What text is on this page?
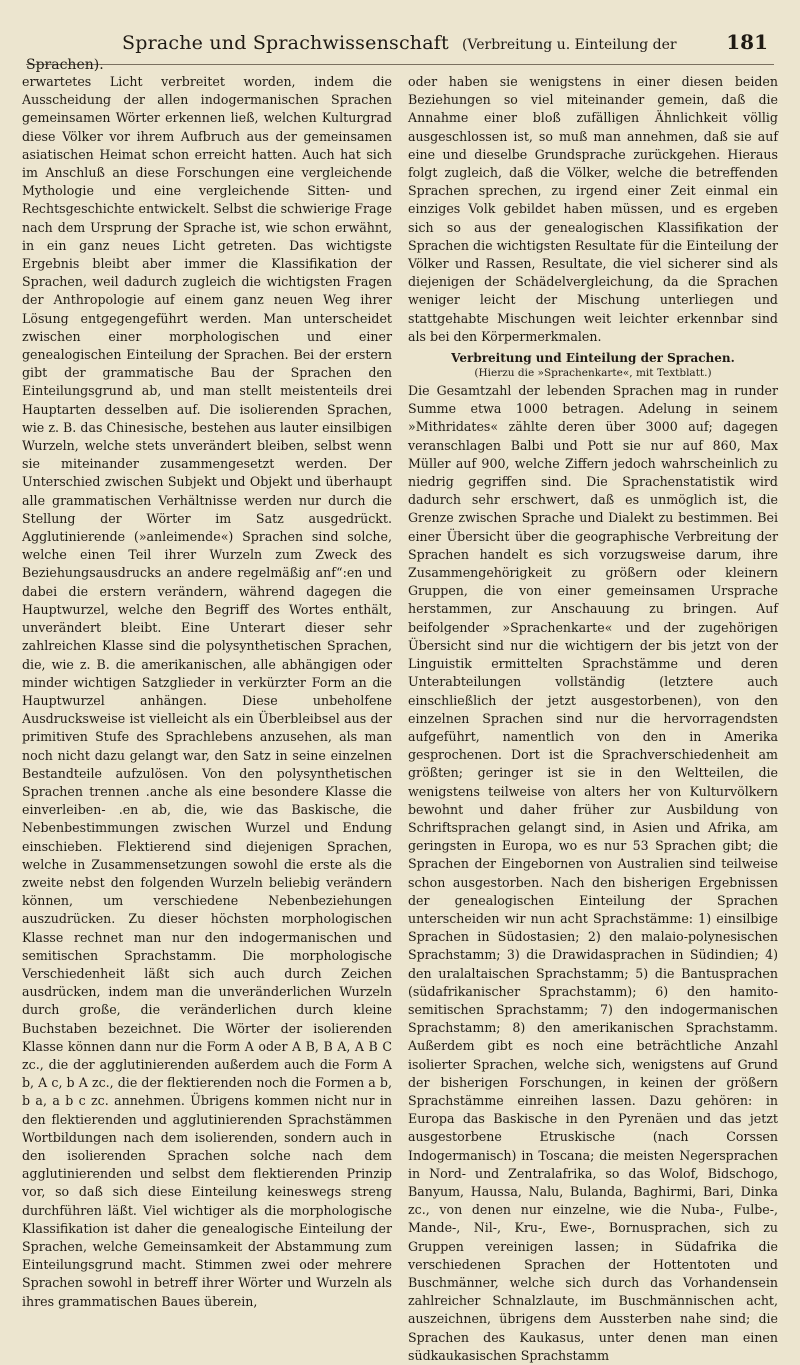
Sprache und Sprachwissenschaft (Verbreitung u. Einteilung der Sprachen).
181

erwartetes Licht verbreitet worden, indem die Ausscheidung der allen indogermanischen Sprachen gemeinsamen Wörter erkennen ließ, welchen Kulturgrad diese Völker vor ihrem Aufbruch aus der gemeinsamen asiatischen Heimat schon erreicht hatten. Auch hat sich im Anschluß an diese Forschungen eine vergleichende Mythologie und eine vergleichende Sitten- und Rechtsgeschichte entwickelt. Selbst die schwierige Frage nach dem Ursprung der Sprache ist, wie schon erwähnt, in ein ganz neues Licht getreten. Das wichtigste Ergebnis bleibt aber immer die Klassifikation der Sprachen, weil dadurch zugleich die wichtigsten Fragen der Anthropologie auf einem ganz neuen Weg ihrer Lösung entgegengeführt werden. Man unterscheidet zwischen einer morphologischen und einer genealogischen Einteilung der Sprachen. Bei der erstern gibt der grammatische Bau der Sprachen den Einteilungsgrund ab, und man stellt meistenteils drei Hauptarten desselben auf. Die isolierenden Sprachen, wie z. B. das Chinesische, bestehen aus lauter einsilbigen Wurzeln, welche stets unverändert bleiben, selbst wenn sie miteinander zusammengesetzt werden. Der Unterschied zwischen Subjekt und Objekt und überhaupt alle grammatischen Verhältnisse werden nur durch die Stellung der Wörter im Satz ausgedrückt. Agglutinierende (»anleimende«) Sprachen sind solche, welche einen Teil ihrer Wurzeln zum Zweck des Beziehungsausdrucks an andere regelmäßig anf“:en und dabei die erstern verändern, während dagegen die Hauptwurzel, welche den Begriff des Wortes enthält, unverändert bleibt. Eine Unterart dieser sehr zahlreichen Klasse sind die polysynthetischen Sprachen, die, wie z. B. die amerikanischen, alle abhängigen oder minder wichtigen Satzglieder in verkürzter Form an die Hauptwurzel anhängen. Diese unbeholfene Ausdrucksweise ist vielleicht als ein Überbleibsel aus der primitiven Stufe des Sprachlebens anzusehen, als man noch nicht dazu gelangt war, den Satz in seine einzelnen Bestandteile aufzulösen. Von den polysynthetischen Sprachen trennen .anche als eine besondere Klasse die einverleiben- .en ab, die, wie das Baskische, die Nebenbestimmungen zwischen Wurzel und Endung einschieben. Flektierend sind diejenigen Sprachen, welche in Zusammensetzungen sowohl die erste als die zweite nebst den folgenden Wurzeln beliebig verändern können, um verschiedene Nebenbeziehungen auszudrücken. Zu dieser höchsten morphologischen Klasse rechnet man nur den indogermanischen und semitischen Sprachstamm. Die morphologische Verschiedenheit läßt sich auch durch Zeichen ausdrücken, indem man die unveränderlichen Wurzeln durch große, die veränderlichen durch kleine Buchstaben bezeichnet. Die Wörter der isolierenden Klasse können dann nur die Form A oder A B, B A, A B C zc., die der agglutinierenden außerdem auch die Form A b, A c, b A zc., die der flektierenden noch die Formen a b, b a, a b c zc. annehmen. Übrigens kommen nicht nur in den flektierenden und agglutinierenden Sprachstämmen Wortbildungen nach dem isolierenden, sondern auch in den isolierenden Sprachen solche nach dem agglutinierenden und selbst dem flektierenden Prinzip vor, so daß sich diese Einteilung keineswegs streng durchführen läßt. Viel wichtiger als die morphologische Klassifikation ist daher die genealogische Einteilung der Sprachen, welche Gemeinsamkeit der Abstammung zum Einteilungsgrund macht. Stimmen zwei oder mehrere Sprachen sowohl in betreff ihrer Wörter und Wurzeln als ihres grammatischen Baues überein,

oder haben sie wenigstens in einer diesen beiden Beziehungen so viel miteinander gemein, daß die Annahme einer bloß zufälligen Ähnlichkeit völlig ausgeschlossen ist, so muß man annehmen, daß sie auf eine und dieselbe Grundsprache zurückgehen. Hieraus folgt zugleich, daß die Völker, welche die betreffenden Sprachen sprechen, zu irgend einer Zeit einmal ein einziges Volk gebildet haben müssen, und es ergeben sich so aus der genealogischen Klassifikation der Sprachen die wichtigsten Resultate für die Einteilung der Völker und Rassen, Resultate, die viel sicherer sind als diejenigen der Schädelvergleichung, da die Sprachen weniger leicht der Mischung unterliegen und stattgehabte Mischungen weit leichter erkennbar sind als bei den Körpermerkmalen.

Verbreitung und Einteilung der Sprachen.
(Hierzu die »Sprachenkarte«, mit Textblatt.)

Die Gesamtzahl der lebenden Sprachen mag in runder Summe etwa 1000 betragen. Adelung in seinem »Mithridates« zählte deren über 3000 auf; dagegen veranschlagen Balbi und Pott sie nur auf 860, Max Müller auf 900, welche Ziffern jedoch wahrscheinlich zu niedrig gegriffen sind. Die Sprachenstatistik wird dadurch sehr erschwert, daß es unmöglich ist, die Grenze zwischen Sprache und Dialekt zu bestimmen. Bei einer Übersicht über die geographische Verbreitung der Sprachen handelt es sich vorzugsweise darum, ihre Zusammengehörigkeit zu größern oder kleinern Gruppen, die von einer gemeinsamen Ursprache herstammen, zur Anschauung zu bringen. Auf beifolgender »Sprachenkarte« und der zugehörigen Übersicht sind nur die wichtigern der bis jetzt von der Linguistik ermittelten Sprachstämme und deren Unterabteilungen vollständig (letztere auch einschließlich der jetzt ausgestorbenen), von den einzelnen Sprachen sind nur die hervorragendsten aufgeführt, namentlich von den in Amerika gesprochenen. Dort ist die Sprachverschiedenheit am größten; geringer ist sie in den Weltteilen, die wenigstens teilweise von alters her von Kulturvölkern bewohnt und daher früher zur Ausbildung von Schriftsprachen gelangt sind, in Asien und Afrika, am geringsten in Europa, wo es nur 53 Sprachen gibt; die Sprachen der Eingebornen von Australien sind teilweise schon ausgestorben. Nach den bisherigen Ergebnissen der genealogischen Einteilung der Sprachen unterscheiden wir nun acht Sprachstämme: 1) einsilbige Sprachen in Südostasien; 2) den malaio-polynesischen Sprachstamm; 3) die Drawidasprachen in Südindien; 4) den uralaltaischen Sprachstamm; 5) die Bantusprachen (südafrikanischer Sprachstamm); 6) den hamito-semitischen Sprachstamm; 7) den indogermanischen Sprachstamm; 8) den amerikanischen Sprachstamm. Außerdem gibt es noch eine beträchtliche Anzahl isolierter Sprachen, welche sich, wenigstens auf Grund der bisherigen Forschungen, in keinen der größern Sprachstämme einreihen lassen. Dazu gehören: in Europa das Baskische in den Pyrenäen und das jetzt ausgestorbene Etruskische (nach Corssen Indogermanisch) in Toscana; die meisten Negersprachen in Nord- und Zentralafrika, so das Wolof, Bidschogo, Banyum, Haussa, Nalu, Bulanda, Baghirmi, Bari, Dinka zc., von denen nur einzelne, wie die Nuba-, Fulbe-, Mande-, Nil-, Kru-, Ewe-, Bornusprachen, sich zu Gruppen vereinigen lassen; in Südafrika die verschiedenen Sprachen der Hottentoten und Buschmänner, welche sich durch das Vorhandensein zahlreicher Schnalzlaute, im Buschmännischen acht, auszeichnen, übrigens dem Aussterben nahe sind; die Sprachen des Kaukasus, unter denen man einen südkaukasischen Sprachstamm
